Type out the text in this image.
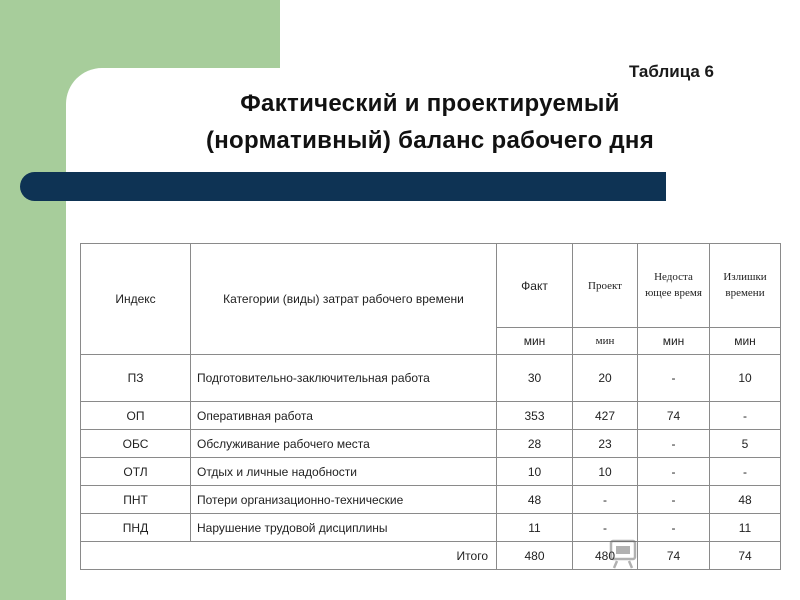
Таблица 6
Фактический и проектируемый
(нормативный) баланс рабочего дня
Индекс	Категории (виды) затрат рабочего времени	Факт	Проект	Недоста ющее время	Излишки времени
		мин	мин	мин	мин
ПЗ	Подготовительно-заключительная работа	30	20	-	10
ОП	Оперативная работа	353	427	74	-
ОБС	Обслуживание рабочего места	28	23	-	5
ОТЛ	Отдых и личные надобности	10	10	-	-
ПНТ	Потери организационно-технические	48	-	-	48
ПНД	Нарушение трудовой дисциплины	11	-	-	11
Итого		480	480	74	74
